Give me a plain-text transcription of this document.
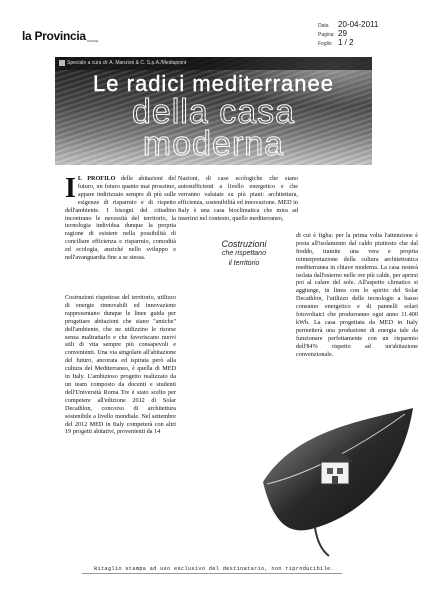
la Provincia PAVESE
Data	20-04-2011
Pagina 29
Foglio 1 / 2
Speciale a cura di: A. Manzoni & C. S.p.A./Mediapoint
Le radici mediterranee
della casa
moderna
I L PROFILO delle abitazioni del futuro, un futuro quanto mai prossimo, appare indirizzato sempre di più sulle esigenze di risparmio e di rispetto dell'ambiente. I bisogni del cittadino incontrano le necessità del territorio, la tecnologia individua dunque la propria ragione di esistere nella possibilità di conciliare efficienza e risparmio, comodità ed ecologia, anziché nello sviluppo e nell'avanguardia fine a se stessa.

Costruzioni rispettose del territorio, utilizzo di energie rinnovabili ed innovazione rappresentano dunque le linee guida per progettare abitazioni che siano "amiche" dell'ambiente, che ne utilizzino le risorse senza maltrattarlo e che favoriscano nuovi stili di vita sempre più consapevoli e convenienti. Una via singolare all'abitazione del futuro, ancorata ed ispirata però alla cultura del Mediterraneo, è quella di MED in Italy. L'ambizioso progetto realizzato da un team composto da docenti e studenti dell'Università Roma Tre è stato scelto per competere all'edizione 2012 di Solar Decathlon, concorso di architettura sostenibile a livello mondiale. Nel settembre del 2012 MED in Italy competerà con altri 19 progetti abitativi, provenienti da 14

Nazioni, di case ecologiche che siano autosufficienti a livello energetico e che verranno valutate su più piani: architettura, efficienza, sostenibilità ed innovazione. MED in Italy è una casa bioclimatica che mira ad inserirsi nel contesto, quello mediterraneo,

Costruzioni
che rispettano
il territorio

di cui è figlia: per la prima volta l'attenzione è posta all'isolamento dal caldo piuttosto che dal freddo, tramite una vera e propria reinterpretazione della cultura architettonica mediterranea in chiave moderna. La casa resterà isolata dall'esterno nelle ore più calde, per aprirsi poi al calare del sole. All'aspetto climatico si aggiunge, in linea con lo spirito del Solar Decathlon, l'utilizzo delle tecnologie a basso consumo energetico e di pannelli solari fotovoltaici che produrranno ogni anno 11.400 kWh. La casa progettata da MED in Italy permetterà una produzione di energia tale da funzionare perfettamente con un risparmio dell'84% rispetto ad un'abitazione convenzionale.

Ritaglio stampa ad uso esclusivo del destinatario, non riproducibile.
